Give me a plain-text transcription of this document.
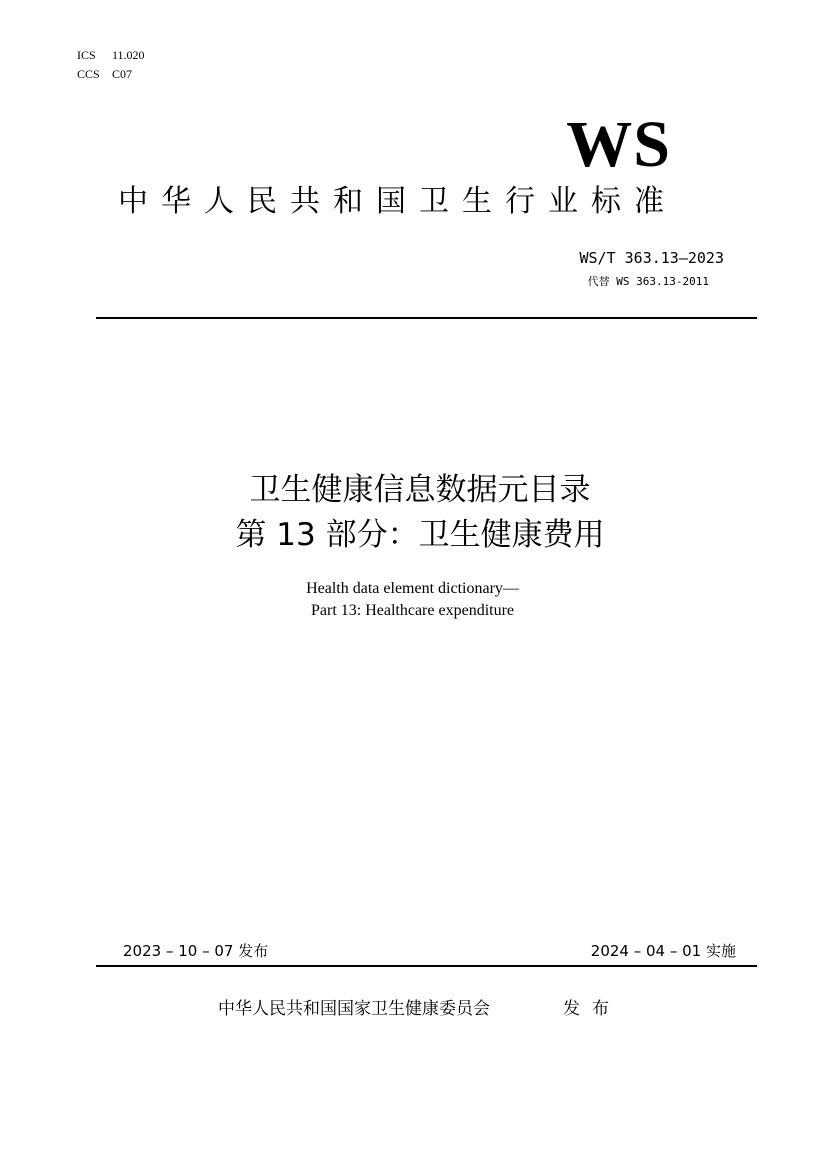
ICS	11.020
CCS	C07
WS
中华人民共和国卫生行业标准
WS/T 363.13—2023
代替 WS 363.13-2011
卫生健康信息数据元目录
第 13 部分：卫生健康费用
Health data element dictionary—
Part 13: Healthcare expenditure
2023 – 10 – 07 发布	2024 – 04 – 01 实施
中华人民共和国国家卫生健康委员会	发布
